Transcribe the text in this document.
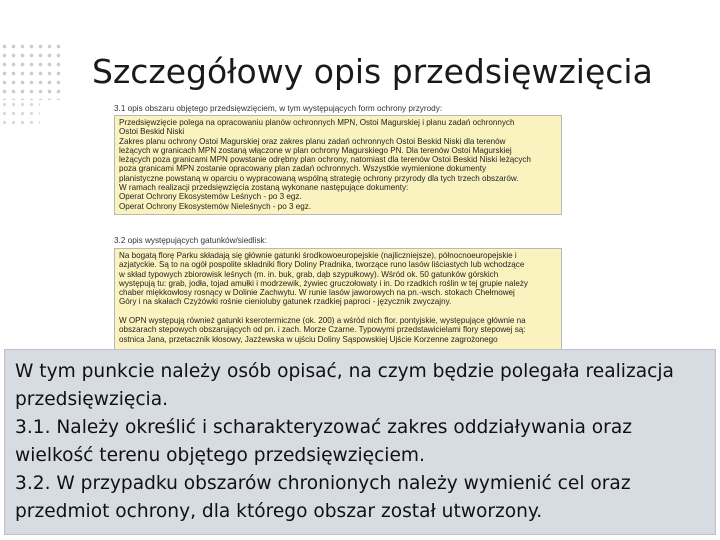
Szczegółowy opis przedsięwzięcia
3.1 opis obszaru objętego przedsięwzięciem, w tym występujących form ochrony przyrody:

Przedsięwzięcie polega na opracowaniu planów ochronnych MPN, Ostoi Magurskiej i planu zadań ochronnych

Ostoi Beskid Niski

Zakres planu ochrony Ostoi Magurskiej oraz zakres planu zadań ochronnych Ostoi Beskid Niski dla terenów

leżących w granicach MPN zostaną włączone w plan ochrony Magurskiego PN. Dla terenów Ostoi Magurskiej

leżących poza granicami MPN powstanie odrębny plan ochrony, natomiast dla terenów Ostoi Beskid Niski leżących

poza granicami MPN zostanie opracowany plan zadań ochronnych. Wszystkie wymienione dokumenty

planistyczne powstaną w oparciu o wypracowaną wspólną strategię ochrony przyrody dla tych trzech obszarów.

W ramach realizacji przedsięwzięcia zostaną wykonane następujące dokumenty:

Operat Ochrony Ekosystemów Leśnych - po 3 egz.

Operat Ochrony Ekosystemów Nieleśnych - po 3 egz.

3.2 opis występujących gatunków/siedlisk:

Na bogatą florę Parku składają się głównie gatunki środkowoeuropejskie (najliczniejsze), północnoeuropejskie i

azjatyckie. Są to na ogół pospolite składniki flory Doliny Pradnika, tworzące runo lasów liściastych lub wchodzące

w skład typowych zbiorowisk leśnych (m. in. buk, grab, dąb szypułkowy). Wśród ok. 50 gatunków górskich

występują tu: grab, jodła, tojad amułki i modrzewik, żywiec gruczołowaty i in. Do rzadkich roślin w tej grupie należy

chaber miękkowłosy rosnący w Dolinie Zachwytu. W runie lasów jaworowych na pn.-wsch. stokach Chełmowej

Góry i na skałach Czyżówki rośnie cienioluby gatunek rzadkiej paproci - języcznik zwyczajny.

W OPN występują również gatunki kserotermiczne (ok. 200) a wśród nich flor. pontyjskie, występujące głównie na

obszarach stepowych obszarujących od pn. i zach. Morze Czarne. Typowymi przedstawicielami flory stepowej są:

ostnica Jana, przetacznik kłosowy, Jazżewska w ujściu Doliny Sąspowskiej Ujście Korzenne zagrożonego

W tym punkcie należy osób opisać, na czym będzie polegała realizacja

przedsięwzięcia.

3.1. Należy określić i scharakteryzować zakres oddziaływania oraz

wielkość terenu objętego przedsięwzięciem.

3.2. W przypadku obszarów chronionych należy wymienić cel oraz

przedmiot ochrony, dla którego obszar został utworzony.
